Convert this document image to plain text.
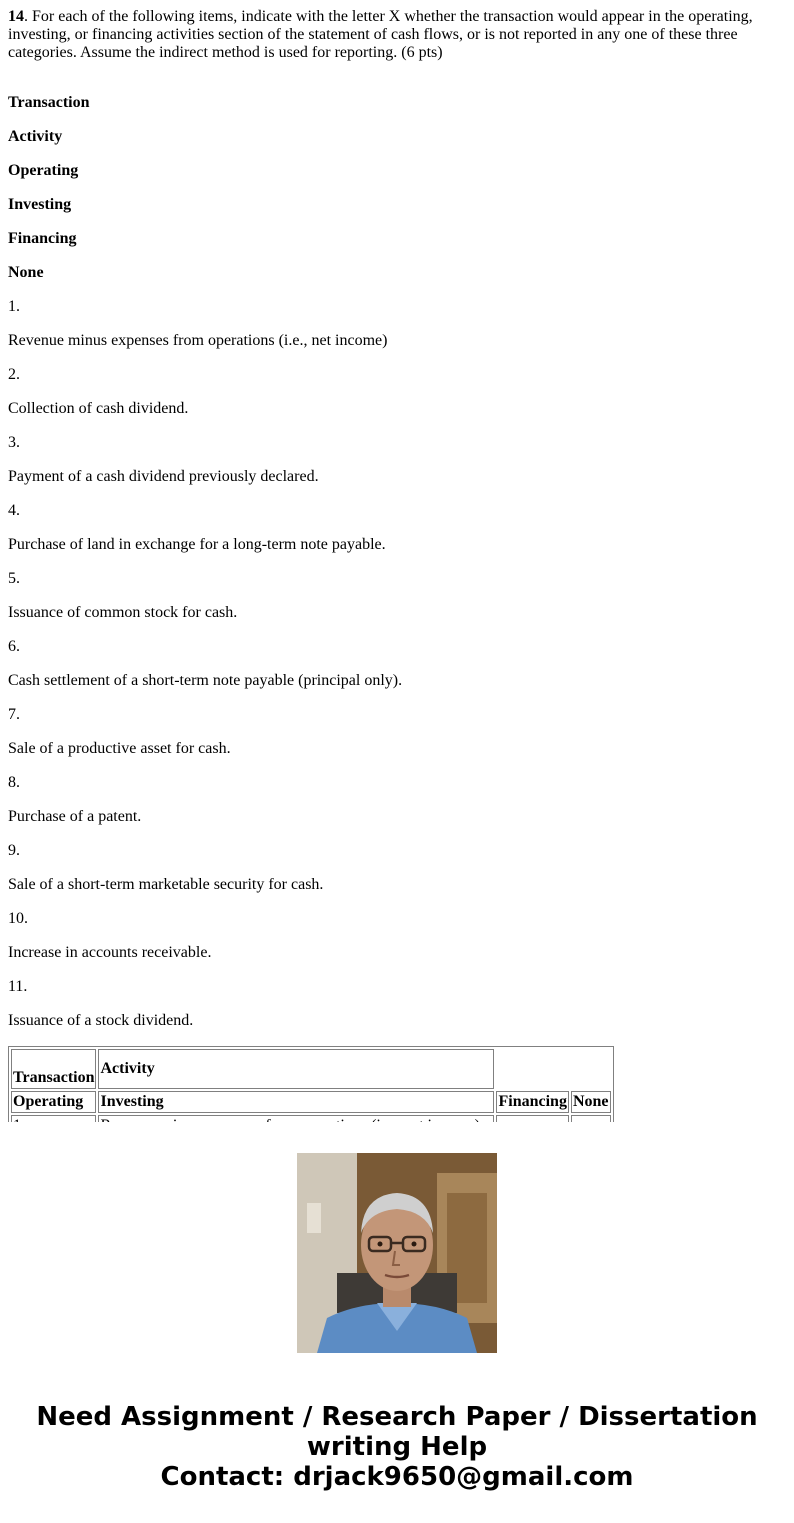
14. For each of the following items, indicate with the letter X whether the transaction would appear in the operating, investing, or financing activities section of the statement of cash flows, or is not reported in any one of these three categories. Assume the indirect method is used for reporting. (6 pts)

Transaction

Activity

Operating

Investing

Financing

None

1.

Revenue minus expenses from operations (i.e., net income)

2.

Collection of cash dividend.

3.

Payment of a cash dividend previously declared.

4.

Purchase of land in exchange for a long-term note payable.

5.

Issuance of common stock for cash.

6.

Cash settlement of a short-term note payable (principal only).

7.

Sale of a productive asset for cash.

8.

Purchase of a patent.

9.

Sale of a short-term marketable security for cash.

10.

Increase in accounts receivable.

11.

Issuance of a stock dividend.

Transaction	Activity		
Operating	Investing	Financing	None

Need Assignment / Research Paper / Dissertation
writing Help
Contact: drjack9650@gmail.com
